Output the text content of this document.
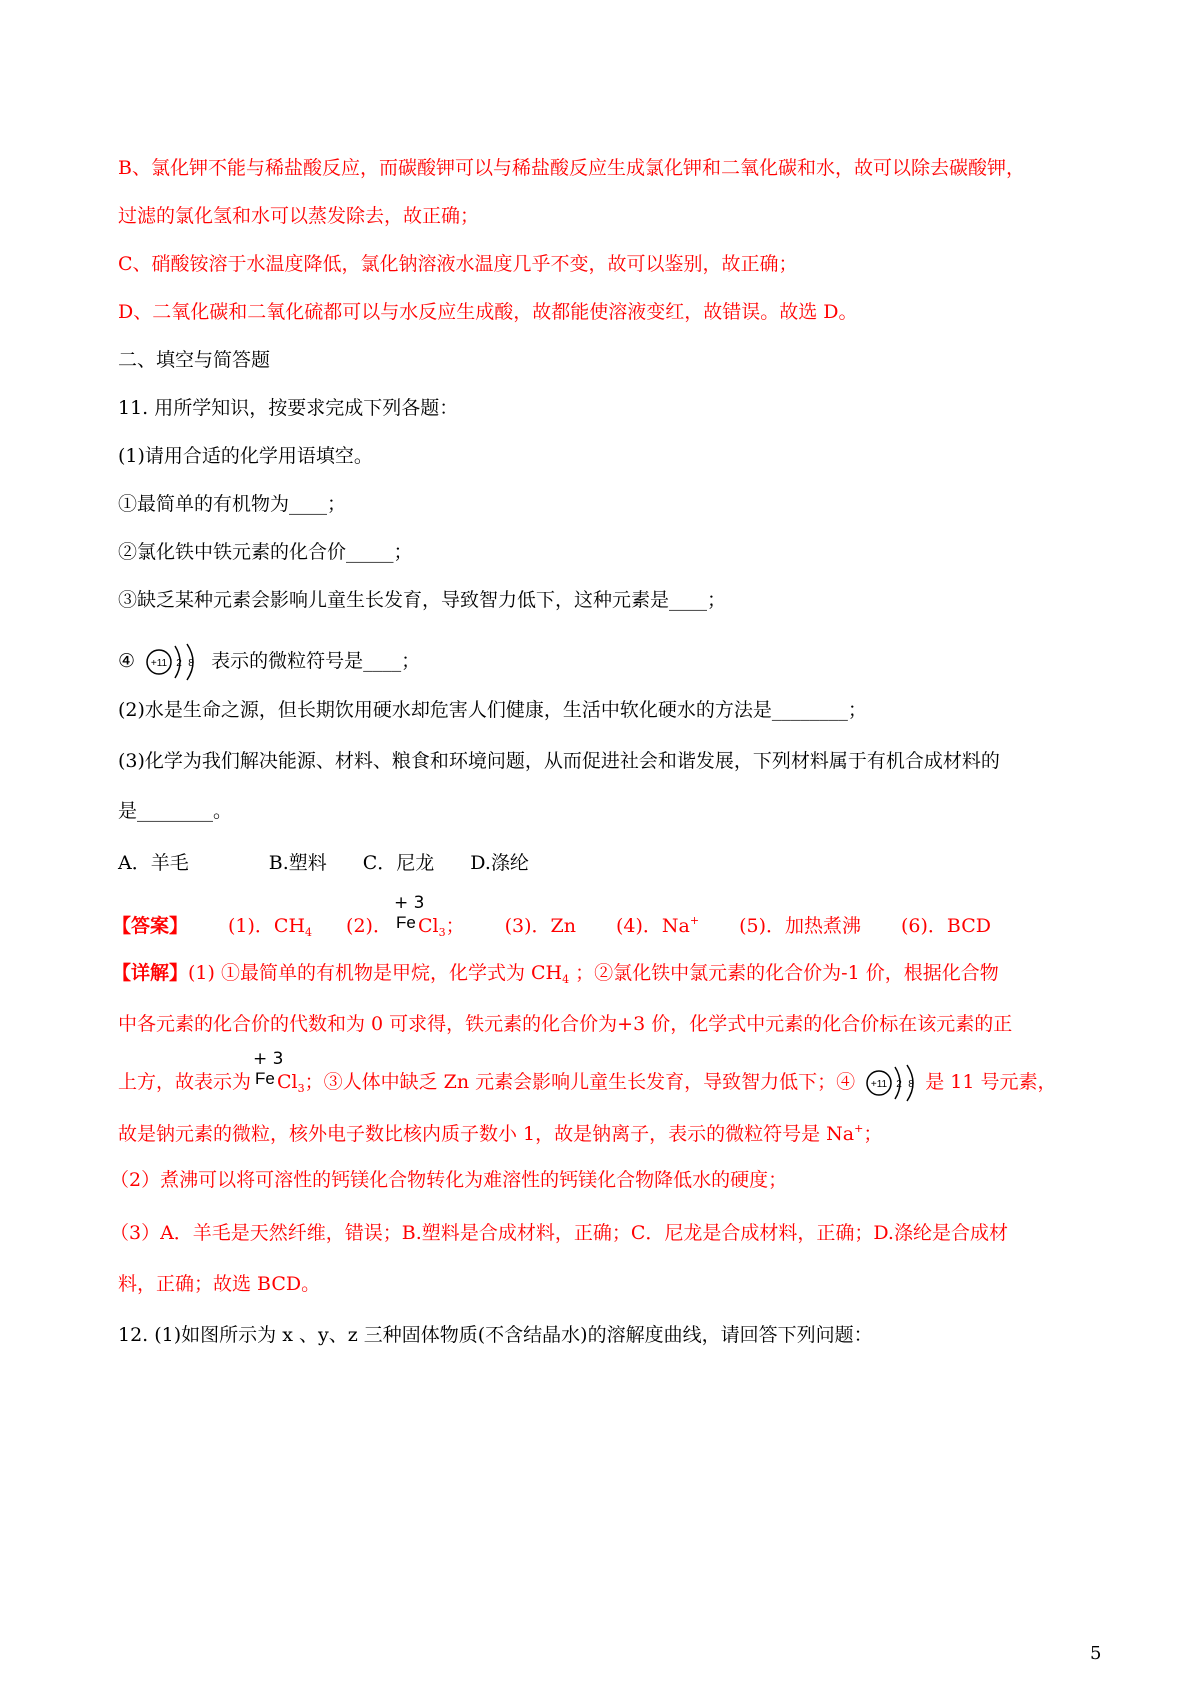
B、氯化钾不能与稀盐酸反应，而碳酸钾可以与稀盐酸反应生成氯化钾和二氧化碳和水，故可以除去碳酸钾，
过滤的氯化氢和水可以蒸发除去，故正确；
C、硝酸铵溶于水温度降低，氯化钠溶液水温度几乎不变，故可以鉴别，故正确；
D、二氧化碳和二氧化硫都可以与水反应生成酸，故都能使溶液变红，故错误。故选 D。
二、填空与简答题
11. 用所学知识，按要求完成下列各题：
(1)请用合适的化学用语填空。
①最简单的有机物为____；
②氯化铁中铁元素的化合价_____；
③缺乏某种元素会影响儿童生长发育，导致智力低下，这种元素是____；
④ +11 2 8 表示的微粒符号是____；
(2)水是生命之源，但长期饮用硬水却危害人们健康，生活中软化硬水的方法是________；
(3)化学为我们解决能源、材料、粮食和环境问题，从而促进社会和谐发展，下列材料属于有机合成材料的
是________。
A．羊毛	B.塑料 C．尼龙 D.涤纶
【答案】 (1)．$CH_4$ (2)．
+ 3
Fe $Cl_3$； (3)．Zn (4)．Na+ (5)．加热煮沸 (6)．BCD
【详解】(1) ①最简单的有机物是甲烷，化学式为 $CH_4$ ；②氯化铁中氯元素的化合价为-1 价，根据化合物
中各元素的化合价的代数和为 0 可求得，铁元素的化合价为+3 价，化学式中元素的化合价标在该元素的正
上方，故表示为
+ 3
Fe $Cl_3$；③人体中缺乏 Zn 元素会影响儿童生长发育，导致智力低下；④ +11 2 8 是 11 号元素，
故是钠元素的微粒，核外电子数比核内质子数小 1，故是钠离子，表示的微粒符号是 Na+；
（2）煮沸可以将可溶性的钙镁化合物转化为难溶性的钙镁化合物降低水的硬度；
（3）A．羊毛是天然纤维，错误；B.塑料是合成材料，正确；C．尼龙是合成材料，正确；D.涤纶是合成材
料，正确；故选 BCD。
12. (1)如图所示为 x 、y、z 三种固体物质(不含结晶水)的溶解度曲线，请回答下列问题：
5
